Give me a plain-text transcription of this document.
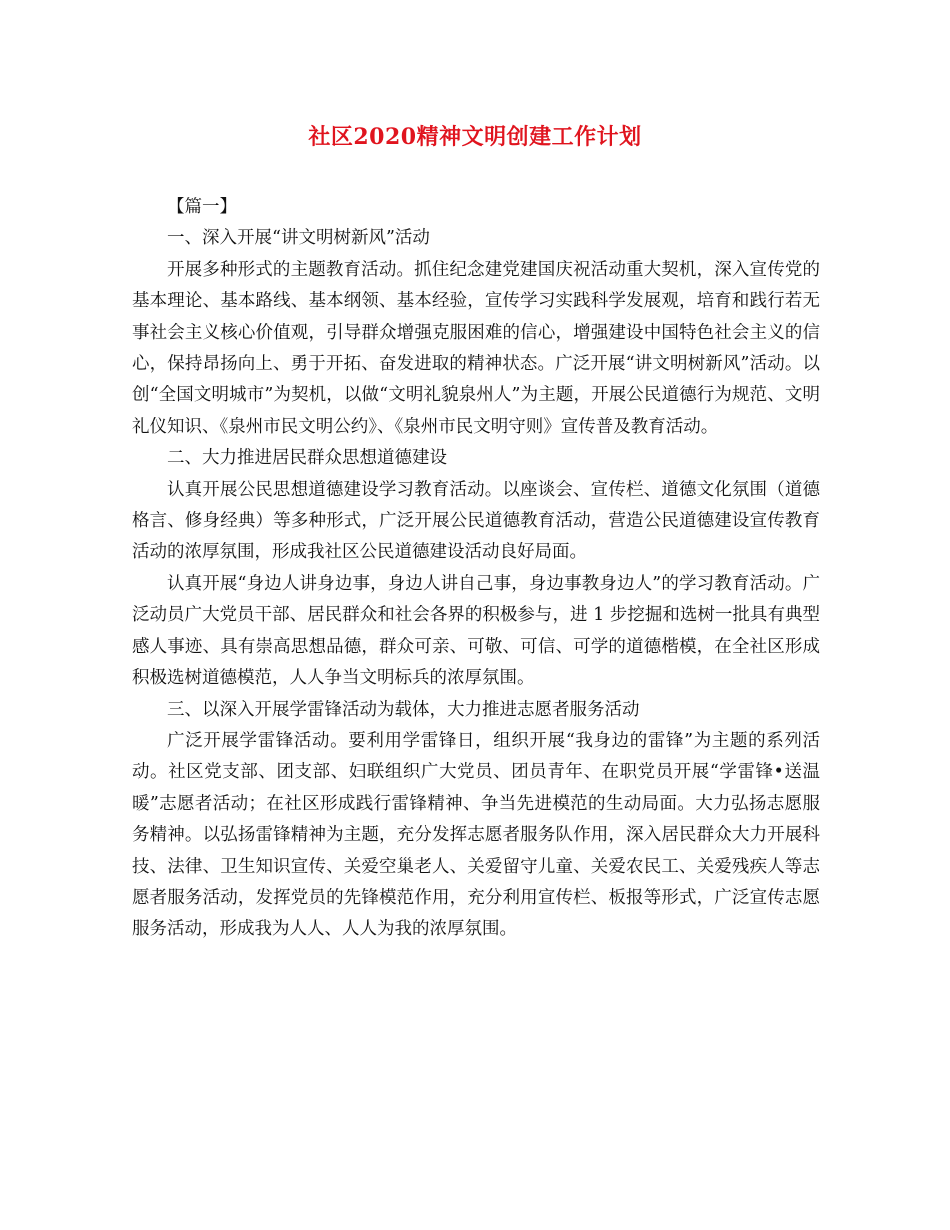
社区2020精神文明创建工作计划

【篇一】

一、深入开展“讲文明树新风”活动

开展多种形式的主题教育活动。抓住纪念建党建国庆祝活动重大契机，深入宣传党的基本理论、基本路线、基本纲领、基本经验，宣传学习实践科学发展观，培育和践行若无事社会主义核心价值观，引导群众增强克服困难的信心，增强建设中国特色社会主义的信心，保持昂扬向上、勇于开拓、奋发进取的精神状态。广泛开展“讲文明树新风”活动。以创“全国文明城市”为契机，以做“文明礼貌泉州人”为主题，开展公民道德行为规范、文明礼仪知识、《泉州市民文明公约》、《泉州市民文明守则》宣传普及教育活动。

二、大力推进居民群众思想道德建设

认真开展公民思想道德建设学习教育活动。以座谈会、宣传栏、道德文化氛围（道德格言、修身经典）等多种形式，广泛开展公民道德教育活动，营造公民道德建设宣传教育活动的浓厚氛围，形成我社区公民道德建设活动良好局面。

认真开展“身边人讲身边事，身边人讲自己事，身边事教身边人”的学习教育活动。广泛动员广大党员干部、居民群众和社会各界的积极参与，进 1 步挖掘和选树一批具有典型感人事迹、具有崇高思想品德，群众可亲、可敬、可信、可学的道德楷模，在全社区形成积极选树道德模范，人人争当文明标兵的浓厚氛围。

三、以深入开展学雷锋活动为载体，大力推进志愿者服务活动

广泛开展学雷锋活动。要利用学雷锋日，组织开展“我身边的雷锋”为主题的系列活动。社区党支部、团支部、妇联组织广大党员、团员青年、在职党员开展“学雷锋•送温暖”志愿者活动；在社区形成践行雷锋精神、争当先进模范的生动局面。大力弘扬志愿服务精神。以弘扬雷锋精神为主题，充分发挥志愿者服务队作用，深入居民群众大力开展科技、法律、卫生知识宣传、关爱空巢老人、关爱留守儿童、关爱农民工、关爱残疾人等志愿者服务活动，发挥党员的先锋模范作用，充分利用宣传栏、板报等形式，广泛宣传志愿服务活动，形成我为人人、人人为我的浓厚氛围。
